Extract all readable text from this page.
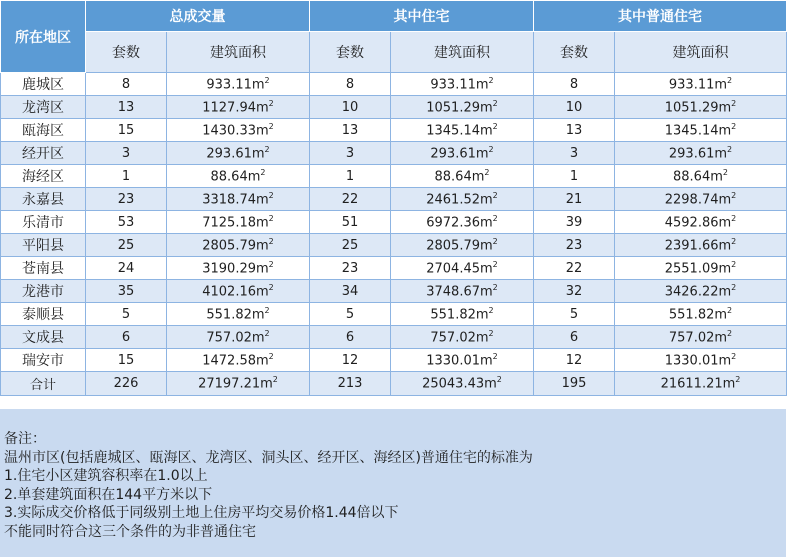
所在地区	总成交量		其中住宅		其中普通住宅	
	套数	建筑面积	套数	建筑面积	套数	建筑面积
鹿城区	8	$933.11m^2$	8	$933.11m^2$	8	$933.11m^2$
龙湾区	13	$1127.94m^2$	10	$1051.29m^2$	10	$1051.29m^2$
瓯海区	15	$1430.33m^2$	13	$1345.14m^2$	13	$1345.14m^2$
经开区	3	$293.61m^2$	3	$293.61m^2$	3	$293.61m^2$
海经区	1	$88.64m^2$	1	$88.64m^2$	1	$88.64m^2$
永嘉县	23	$3318.74m^2$	22	$2461.52m^2$	21	$2298.74m^2$
乐清市	53	$7125.18m^2$	51	$6972.36m^2$	39	$4592.86m^2$
平阳县	25	$2805.79m^2$	25	$2805.79m^2$	23	$2391.66m^2$
苍南县	24	$3190.29m^2$	23	$2704.45m^2$	22	$2551.09m^2$
龙港市	35	$4102.16m^2$	34	$3748.67m^2$	32	$3426.22m^2$
泰顺县	5	$551.82m^2$	5	$551.82m^2$	5	$551.82m^2$
文成县	6	$757.02m^2$	6	$757.02m^2$	6	$757.02m^2$
瑞安市	15	$1472.58m^2$	12	$1330.01m^2$	12	$1330.01m^2$
合计	226	$27197.21m^2$	213	$25043.43m^2$	195	$21611.21m^2$
备注：
温州市区(包括鹿城区、瓯海区、龙湾区、洞头区、经开区、海经区)普通住宅的标准为
1.住宅小区建筑容积率在1.0以上
2.单套建筑面积在144平方米以下
3.实际成交价格低于同级别土地上住房平均交易价格1.44倍以下
不能同时符合这三个条件的为非普通住宅
